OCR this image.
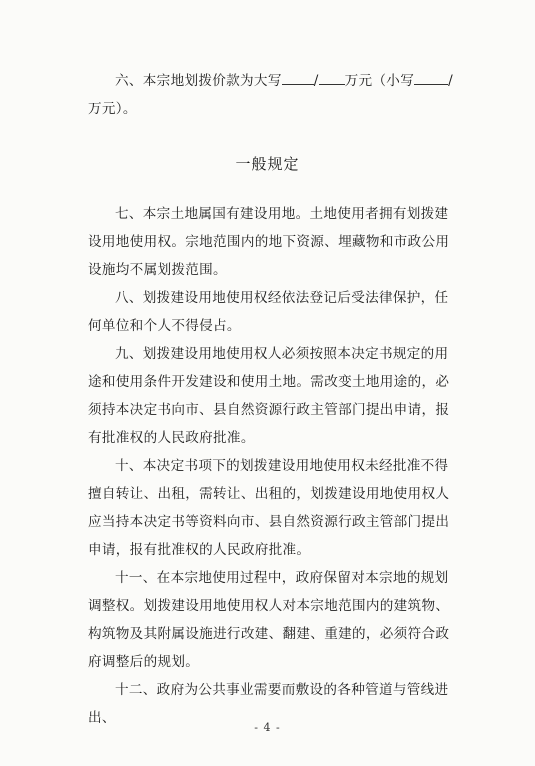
六、本宗地划拨价款为大写 / 万元（小写	/
万元）。
一般规定

七、本宗土地属国有建设用地。土地使用者拥有划拨建设用地使用权。宗地范围内的地下资源、埋藏物和市政公用设施均不属划拨范围。

八、划拨建设用地使用权经依法登记后受法律保护，任何单位和个人不得侵占。

九、划拨建设用地使用权人必须按照本决定书规定的用途和使用条件开发建设和使用土地。需改变土地用途的，必须持本决定书向市、县自然资源行政主管部门提出申请，报有批准权的人民政府批准。

十、本决定书项下的划拨建设用地使用权未经批准不得擅自转让、出租，需转让、出租的，划拨建设用地使用权人应当持本决定书等资料向市、县自然资源行政主管部门提出申请，报有批准权的人民政府批准。

十一、在本宗地使用过程中，政府保留对本宗地的规划调整权。划拨建设用地使用权人对本宗地范围内的建筑物、构筑物及其附属设施进行改建、翻建、重建的，必须符合政府调整后的规划。

十二、政府为公共事业需要而敷设的各种管道与管线进出、

- 4 -
